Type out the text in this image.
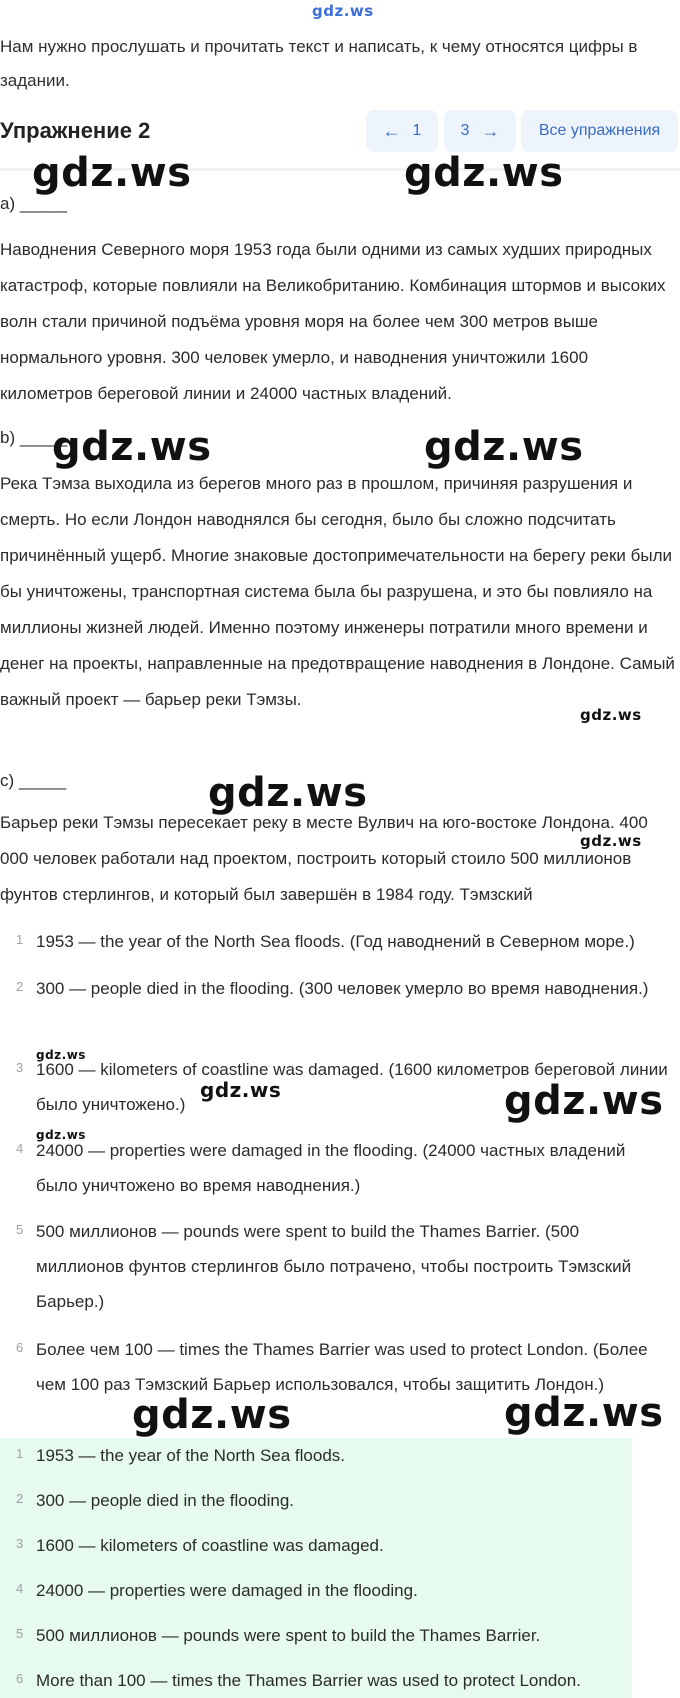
gdz.ws
Нам нужно прослушать и прочитать текст и написать, к чему относятся цифры в задании.
Упражнение 2	← 1 3 → Все упражнения
a) _____
Наводнения Северного моря 1953 года были одними из самых худших природных катастроф, которые повлияли на Великобританию. Комбинация штормов и высоких волн стали причиной подъёма уровня моря на более чем 300 метров выше нормального уровня. 300 человек умерло, и наводнения уничтожили 1600 километров береговой линии и 24000 частных владений.
b) _____
Река Тэмза выходила из берегов много раз в прошлом, причиняя разрушения и смерть. Но если Лондон наводнялся бы сегодня, было бы сложно подсчитать причинённый ущерб. Многие знаковые достопримечательности на берегу реки были бы уничтожены, транспортная система была бы разрушена, и это бы повлияло на миллионы жизней людей. Именно поэтому инженеры потратили много времени и денег на проекты, направленные на предотвращение наводнения в Лондоне. Самый важный проект — барьер реки Тэмзы.
c) _____
Барьер реки Тэмзы пересекает реку в месте Вулвич на юго-востоке Лондона. 400 000 человек работали над проектом, построить который стоило 500 миллионов фунтов стерлингов, и который был завершён в 1984 году. Тэмзский
1 1953 — the year of the North Sea floods. (Год наводнений в Северном море.)
2 300 — people died in the flooding. (300 человек умерло во время наводнения.)
3 1600 — kilometers of coastline was damaged. (1600 километров береговой линии было уничтожено.)
4 24000 — properties were damaged in the flooding. (24000 частных владений было уничтожено во время наводнения.)
5 500 миллионов — pounds were spent to build the Thames Barrier. (500 миллионов фунтов стерлингов было потрачено, чтобы построить Тэмзский Барьер.)
6 Более чем 100 — times the Thames Barrier was used to protect London. (Более чем 100 раз Тэмзский Барьер использовался, чтобы защитить Лондон.)
1 1953 — the year of the North Sea floods.
2 300 — people died in the flooding.
3 1600 — kilometers of coastline was damaged.
4 24000 — properties were damaged in the flooding.
5 500 миллионов — pounds were spent to build the Thames Barrier.
6 More than 100 — times the Thames Barrier was used to protect London.
gdz.ws	gdz.ws
gdz.ws	gdz.ws
gdz.ws
gdz.ws
gdz.ws
gdz.ws
gdz.ws
gdz.ws
gdz.ws
gdz.ws	gdz.ws
